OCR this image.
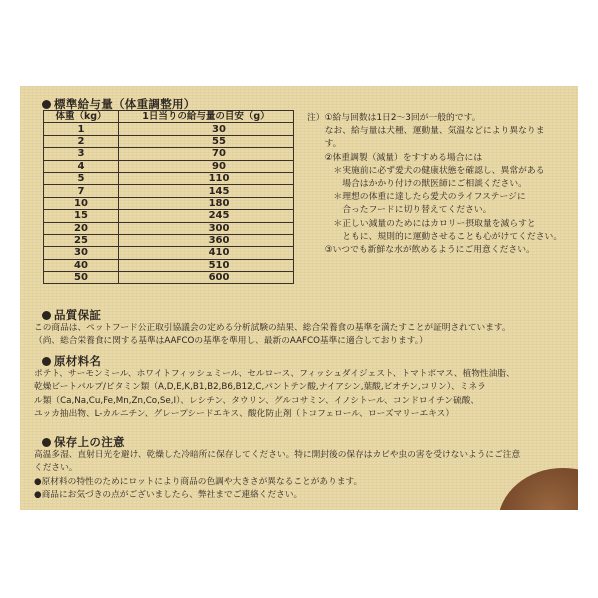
標準給与量（体重調整用）
体重（kg）	1日当りの給与量の目安（g）
1	30
2	55
3	70
4	90
5	110
7	145
10	180
15	245
20	300
25	360
30	410
40	510
50	600
注）①給与回数は1日2〜3回が一般的です。
　　なお、給与量は犬種、運動量、気温などにより異なりま
　　す。
　　②体重調製（減量）をすすめる場合には
　　　＊実施前に必ず愛犬の健康状態を確認し、異常がある
　　　　場合はかかり付けの獣医師にご相談ください。
　　　＊理想の体重に達したら愛犬のライフステージに
　　　　合ったフードに切り替えてください。
　　　＊正しい減量のためにはカロリー摂取量を減らすと
　　　　ともに、規則的に運動させることも心がけてください。
　　③いつでも新鮮な水が飲めるようにご用意ください。
品質保証
この商品は、ペットフード公正取引協議会の定める分析試験の結果、総合栄養食の基準を満たすことが証明されています。
（尚、総合栄養食に関する基準はAAFCOの基準を準用し、最新のAAFCO基準に適合しております。）
原材料名
ポテト、サーモンミール、ホワイトフィッシュミール、セルロース、フィッシュダイジェスト、トマトポマス、植物性油脂、
乾燥ビートパルプ/ビタミン類（A,D,E,K,B1,B2,B6,B12,C,パントテン酸,ナイアシン,葉酸,ビオチン,コリン）、ミネラ
ル類（Ca,Na,Cu,Fe,Mn,Zn,Co,Se,I）、レシチン、タウリン、グルコサミン、イノシトール、コンドロイチン硫酸、
ユッカ抽出物、L-カルニチン、グレープシードエキス、酸化防止剤（トコフェロール、ローズマリーエキス）
保存上の注意
高温多湿、直射日光を避け、乾燥した冷暗所に保存してください。特に開封後の保存はカビや虫の害を受けないようにご注意
ください。
●原材料の特性のためにロットにより商品の色調や大きさが異なることがあります。
●商品にお気づきの点がございましたら、弊社までご連絡ください。
